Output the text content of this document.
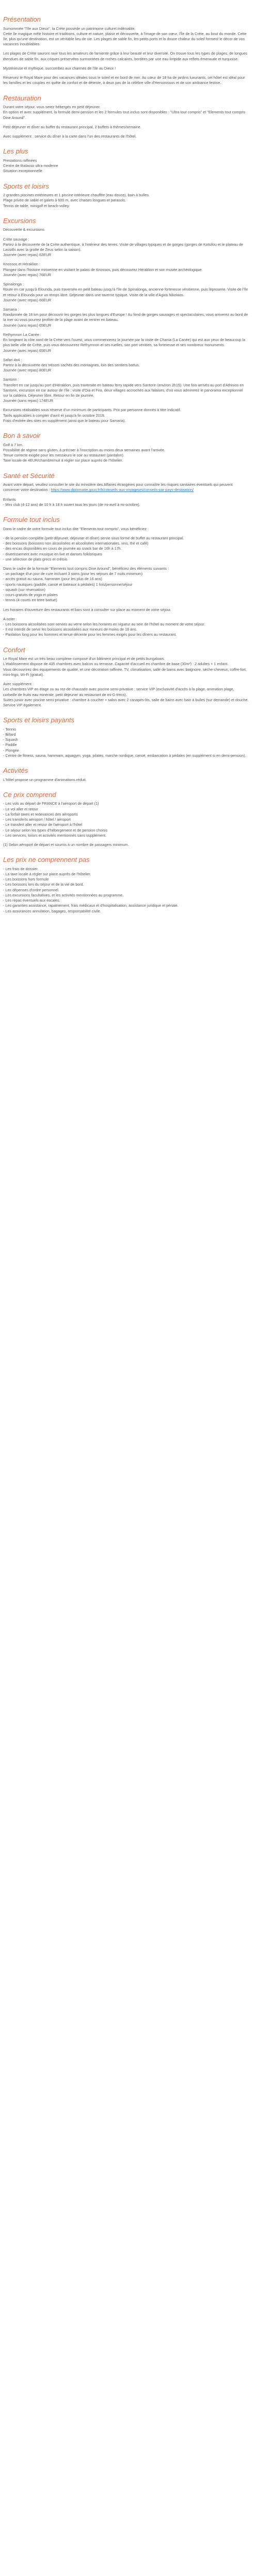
Présentation

Surnommée "l'Ile aux Dieux", la Crète possède un patrimoine culturel indéniable.
Cette île magique mêle histoire et traditions, culture et nature, plaisir et découverte, à l'image de son cœur, l'Île de la Crète, au bout du monde. Cette île, plus qu'une destination, est un véritable lieu de vie. Les plages de sable fin, les petits ports et la douce chaleur du soleil forment le décor de vos vacances inoubliables.

Les plages de Crète sauront ravir tous les amateurs de farniente grâce à leur beauté et leur diversité. On trouve tous les types de plages, de longues étendues de sable fin, aux criques préservées surmontées de roches calcaires, bordées par une eau limpide aux reflets émeraude et turquoise.

Mystérieuse et mythique, succombez aux charmes de l'Ile au Dieux !

Réservez le Royal Mare pour des vacances idéales sous le soleil et en bord de mer. Au cœur de 18 ha de jardins luxuriants, cet hôtel est idéal pour les familles et les couples en quête de confort et de détente, à deux pas de la célèbre ville d'Hersonissos et de son ambiance festive.

Restauration

Durant votre séjour, vous serez hébergés en petit déjeuner.
En option et avec supplément, la formule demi-pension et les 2 formules tout inclus sont disponibles : "Ultra tout compris" et "Elements tout compris Dine Around".

Petit déjeuner et dîner au buffet du restaurant principal, 2 buffets à thèmes/semaine.

Avec supplément : service du dîner à la carte dans l'un des restaurants de l'hôtel.

Les plus
Prestations raffinées
Centre de thalasso ultra moderne
Situation exceptionnelle
Sports et loisirs

2 grandes piscines extérieures et 1 piscine intérieure chauffée (eau douce), bain à bulles.
Plage privée de sable et galets à 600 m, avec chaises longues et parasols.
Tennis de table, minigolf et beach-volley.

Excursions

Découverte & excursions

Crète sauvage :
Partez à la découverte de la Crète authentique, à l'intérieur des terres. Visite de villages typiques et de gorges (gorges de Kotsifou et le plateau de Lassithi avec la grotte de Zeus selon la saison).
Journée (avec repas) 62EUR

Knossos et Héraklion :
Plongez dans l'histoire minoenne en visitant le palais de Knossos, puis découvrez Héraklion et son musée archéologique.
Journée (avec repas) 76EUR

Spinalonga :
Route en car jusqu'à Elounda, puis traversée en petit bateau jusqu'à l'île de Spinalonga, ancienne forteresse vénitienne, puis léproserie. Visite de l'île et retour à Elounda pour un temps libre. Déjeuner dans une taverne typique. Visite de la ville d'Agios Nikolaos.
Journée (avec repas) 66EUR

Samaria :
Randonnée de 18 km pour découvrir les gorges les plus longues d'Europe ! Au fond de gorges sauvages et spectaculaires, vous arriverez au bord de la mer où vous pourrez profiter de la plage avant de rentrer en bateau.
Journée (sans repas) 65EUR

Rethymnon La Canée :
En longeant la côte nord de la Crète vers l'ouest, vous commencerez la journée par la visite de Chania (La Canée) qui est aux yeux de beaucoup la plus belle ville de Crète, puis vous découvrirez Rethymnon et ses ruelles, son port vénitien, sa forteresse et ses nombreux monuments.
Journée (avec repas) 65EUR

Safari 4x4 :
Partez à la découverte des trésors cachés des montagnes, loin des sentiers battus.
Journée (avec repas) 80EUR

Santorin :
Transfert en car jusqu'au port d'Héraklion, puis traversée en bateau ferry rapide vers Santorin (environ 2h15). Une fois arrivés au port d'Athinios en Santorin, excursion en car autour de l'île : visite d'Oia et Fira, deux villages accrochés aux falaises, d'où vous admirerez le panorama exceptionnel sur la caldeira. Déjeuner libre. Retour en fin de journée.
Journée (sans repas) 174EUR

Excursions réalisables sous réserve d'un minimum de participants. Prix par personne donnés à titre indicatif.
Tarifs applicables à compter d'avril et jusqu'à fin octobre 2019.
Frais d'entrée des sites en supplément (ainsi que le bateau pour Samaria).

Bon à savoir

Golf à 7 km.
Possibilité de régime sans gluten, à préciser à l'inscription au moins deux semaines avant l'arrivée.
Tenue correcte exigée pour les messieurs le soir au restaurant (pantalon).
Taxe locale de 4EUR/chambre/nuit à régler sur place auprès de l'hôtelier.

Santé et Sécurité

Avant votre départ, veuillez consulter le site du ministère des Affaires étrangères pour connaître les risques sanitaires éventuels qui peuvent concerner votre destination : https://www.diplomatie.gouv.fr/fr/conseils-aux-voyageurs/conseils-par-pays-destination/

Enfants
- Mini club (4-12 ans) de 10 h à 18 h ouvert tous les jours (de mi-avril à mi-octobre).

Formule tout inclus

Dans le cadre de votre formule tout inclus dite "Elements tout compris", vous bénéficiez :

- de la pension complète (petit déjeuner, déjeuner et dîner) servie sous forme de buffet au restaurant principal.
- des boissons (boissons non alcoolisées et alcoolisées internationales, vins, thé et café)
- des encas disponibles en cours de journée au snack bar de 16h à 17h.
- divertissement avec musique en live et danses folkloriques
- une sélection de plats grecs et crétois

Dans le cadre de la formule "Elements tout compris Dine Around", bénéficiez des éléments suivants :
- un package d'un jour de cure incluant 3 soins (pour les séjours de 7 nuits minimum)
- accès gratuit au sauna, hammam (pour les plus de 16 ans)
- sports nautiques (paddle, canoë et bateaux à pédales) 1 fois/personne/séjour
- squash (sur réservation)
- cours gratuits de yoga et pilates
- tennis (4 courts en terre battue)

Les horaires d'ouverture des restaurants et bars sont à consulter sur place au moment de votre séjour.

A noter :
- Les boissons alcoolisées sont servies au verre selon les horaires en vigueur au sein de l'hôtel au moment de votre séjour.
- Il est interdit de servir les boissons alcoolisées aux mineurs de moins de 18 ans.
- Panlation long pour les hommes et tenue décente pour les femmes exigés pour les dîners au restaurant.

Confort

Le Royal Mare est un très beau complexe composé d'un bâtiment principal et de petits bungalows.
L'établissement dispose de 435 chambres avec balcon ou terrasse. Capacité d'accueil en chambre de base (30m²) : 2 adultes + 1 enfant.
Vous découvrirez des équipements de qualité, et une décoration raffinée. TV, climatisation, salle de bains avec baignoire, sèche-cheveux, coffre-fort, mini-frigo, Wi-Fi (gratuit).

Avec supplément :
Les chambres VIP en étage ou au rez-de-chaussée avec piscine semi-privative ; service VIP (exclusivité d'accès à la plage, animation plage, corbeille de fruits eau minérale, petit déjeuner au restaurant de mi-G-trecs).
Suites junior avec piscine semi-privative : chambre à coucher + salon avec 2 canapés-lits, salle de bains avec bain à bulles (sur demande) et douche. Service VIP également.

Sports et loisirs payants
- Tennis
- Billard
- Squash
- Paddle
- Plongée
- Centre de fitness, sauna, hammam, aquagym, yoga, pilates, marche nordique, canoë, embarcation à pédales (en supplément si en demi-pension).
Activités

L'hôtel propose un programme d'animations réduit.

Ce prix comprend
- Les vols au départ de FRANCE à l'aéroport de départ (1)
- Le vol aller et retour
- La forfait taxes et redevances des aéroports
- Les transferts aéroport / hôtel / aéroport
- Le transfert aller et retour de l'aéroport à l'hôtel
- Le séjour selon les types d'hébergement et de pension choisis
- Les services, loisirs et activités mentionnés sans supplément.

(1) Selon aéroport de départ et soumis à un nombre de passagers minimum.

Les prix ne comprennent pas
- Les frais de dossier.
- La taxe locale à régler sur place auprès de l'hôtelier.
- Les boissons hors formule
- Les boissons lors du séjour et de la vie de bord.
- Les dépenses d'ordre personnel.
- Les excursions facultatives, et les activités mentionnées au programme.
- Les repas éventuels aux escales.
- Les garanties assistance, rapatriement, frais médicaux et d'hospitalisation, assistance juridique et pénale.
- Les assurances annulation, bagages, responsabilité civile.
